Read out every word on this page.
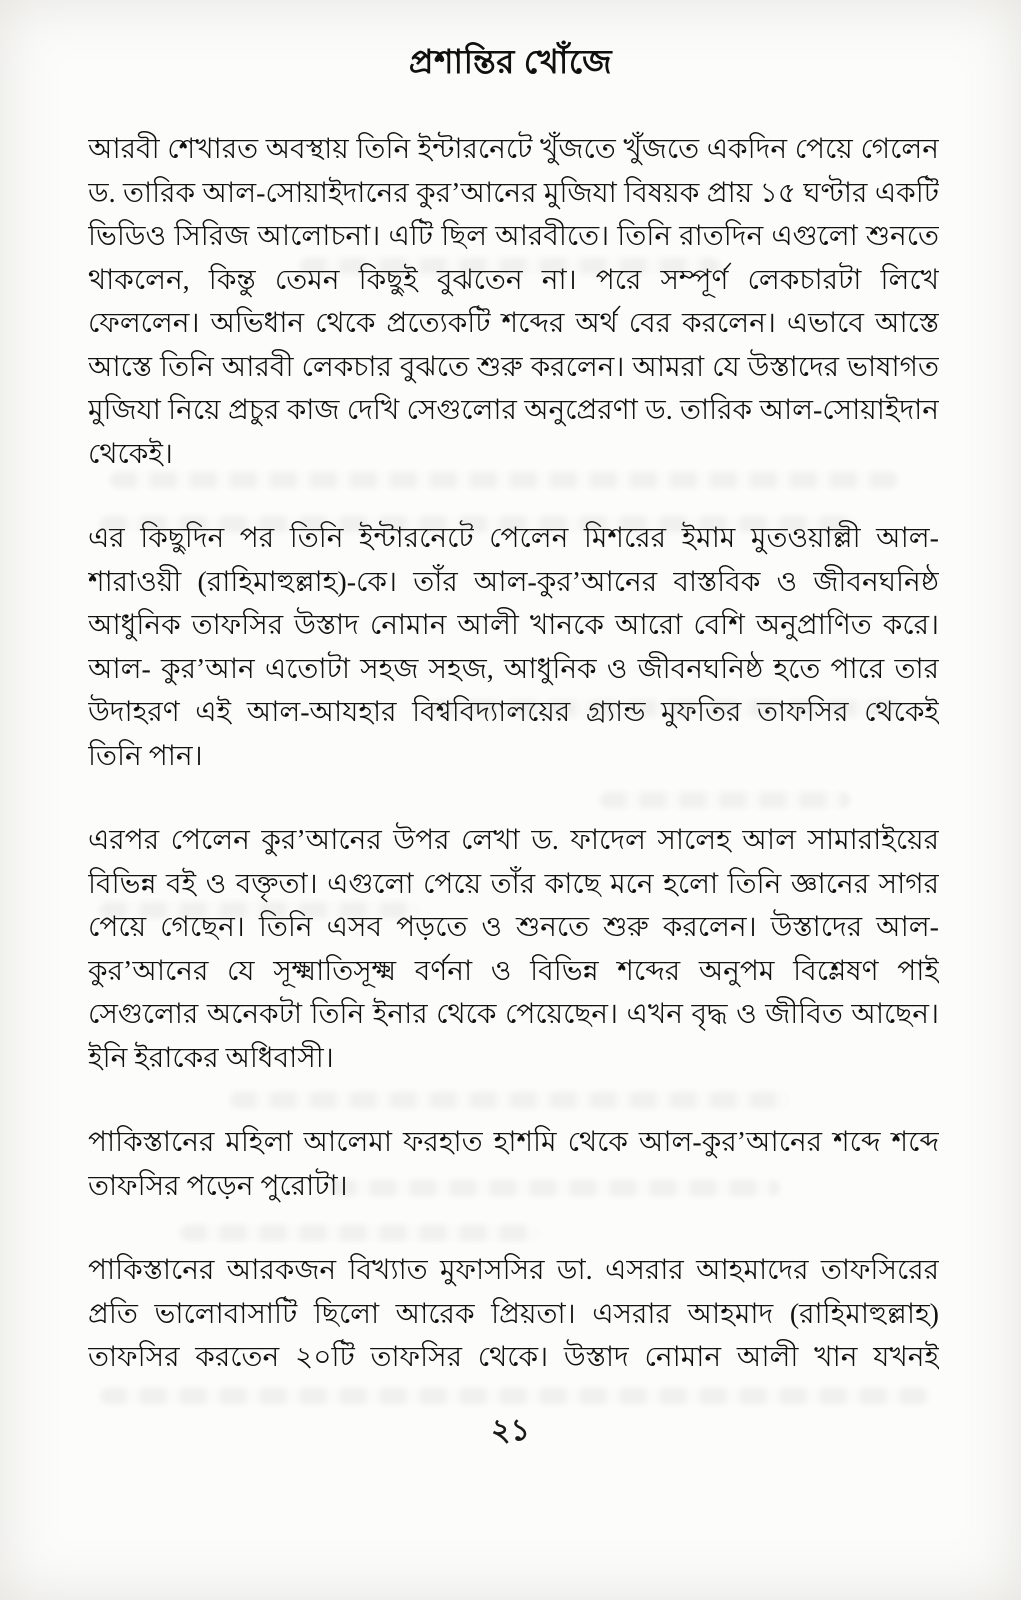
প্রশান্তির খোঁজে
আরবী শেখারত অবস্থায় তিনি ইন্টারনেটে খুঁজতে খুঁজতে একদিন পেয়ে গেলেন
ড. তারিক আল-সোয়াইদানের কুর’আনের মুজিযা বিষয়ক প্রায় ১৫ ঘণ্টার একটি
ভিডিও সিরিজ আলোচনা। এটি ছিল আরবীতে। তিনি রাতদিন এগুলো শুনতে
থাকলেন, কিন্তু তেমন কিছুই বুঝতেন না। পরে সম্পূর্ণ লেকচারটা লিখে
ফেললেন। অভিধান থেকে প্রত্যেকটি শব্দের অর্থ বের করলেন। এভাবে আস্তে
আস্তে তিনি আরবী লেকচার বুঝতে শুরু করলেন। আমরা যে উস্তাদের ভাষাগত
মুজিযা নিয়ে প্রচুর কাজ দেখি সেগুলোর অনুপ্রেরণা ড. তারিক আল-সোয়াইদান
থেকেই।
এর কিছুদিন পর তিনি ইন্টারনেটে পেলেন মিশরের ইমাম মুতওয়াল্লী আল-
শারাওয়ী (রাহিমাহুল্লাহ)-কে। তাঁর আল-কুর’আনের বাস্তবিক ও জীবনঘনিষ্ঠ
আধুনিক তাফসির উস্তাদ নোমান আলী খানকে আরো বেশি অনুপ্রাণিত করে।
আল- কুর’আন এতোটা সহজ সহজ, আধুনিক ও জীবনঘনিষ্ঠ হতে পারে তার
উদাহরণ এই আল-আযহার বিশ্ববিদ্যালয়ের গ্র্যান্ড মুফতির তাফসির থেকেই
তিনি পান।
এরপর পেলেন কুর’আনের উপর লেখা ড. ফাদেল সালেহ আল সামারাইয়ের
বিভিন্ন বই ও বক্তৃতা। এগুলো পেয়ে তাঁর কাছে মনে হলো তিনি জ্ঞানের সাগর
পেয়ে গেছেন। তিনি এসব পড়তে ও শুনতে শুরু করলেন। উস্তাদের আল-
কুর’আনের যে সূক্ষ্মাতিসূক্ষ্ম বর্ণনা ও বিভিন্ন শব্দের অনুপম বিশ্লেষণ পাই
সেগুলোর অনেকটা তিনি ইনার থেকে পেয়েছেন। এখন বৃদ্ধ ও জীবিত আছেন।
ইনি ইরাকের অধিবাসী।
পাকিস্তানের মহিলা আলেমা ফরহাত হাশমি থেকে আল-কুর’আনের শব্দে শব্দে
তাফসির পড়েন পুরোটা।
পাকিস্তানের আরকজন বিখ্যাত মুফাসসির ডা. এসরার আহমাদের তাফসিরের
প্রতি ভালোবাসাটি ছিলো আরেক প্রিয়তা। এসরার আহমাদ (রাহিমাহুল্লাহ)
তাফসির করতেন ২০টি তাফসির থেকে। উস্তাদ নোমান আলী খান যখনই
২১
